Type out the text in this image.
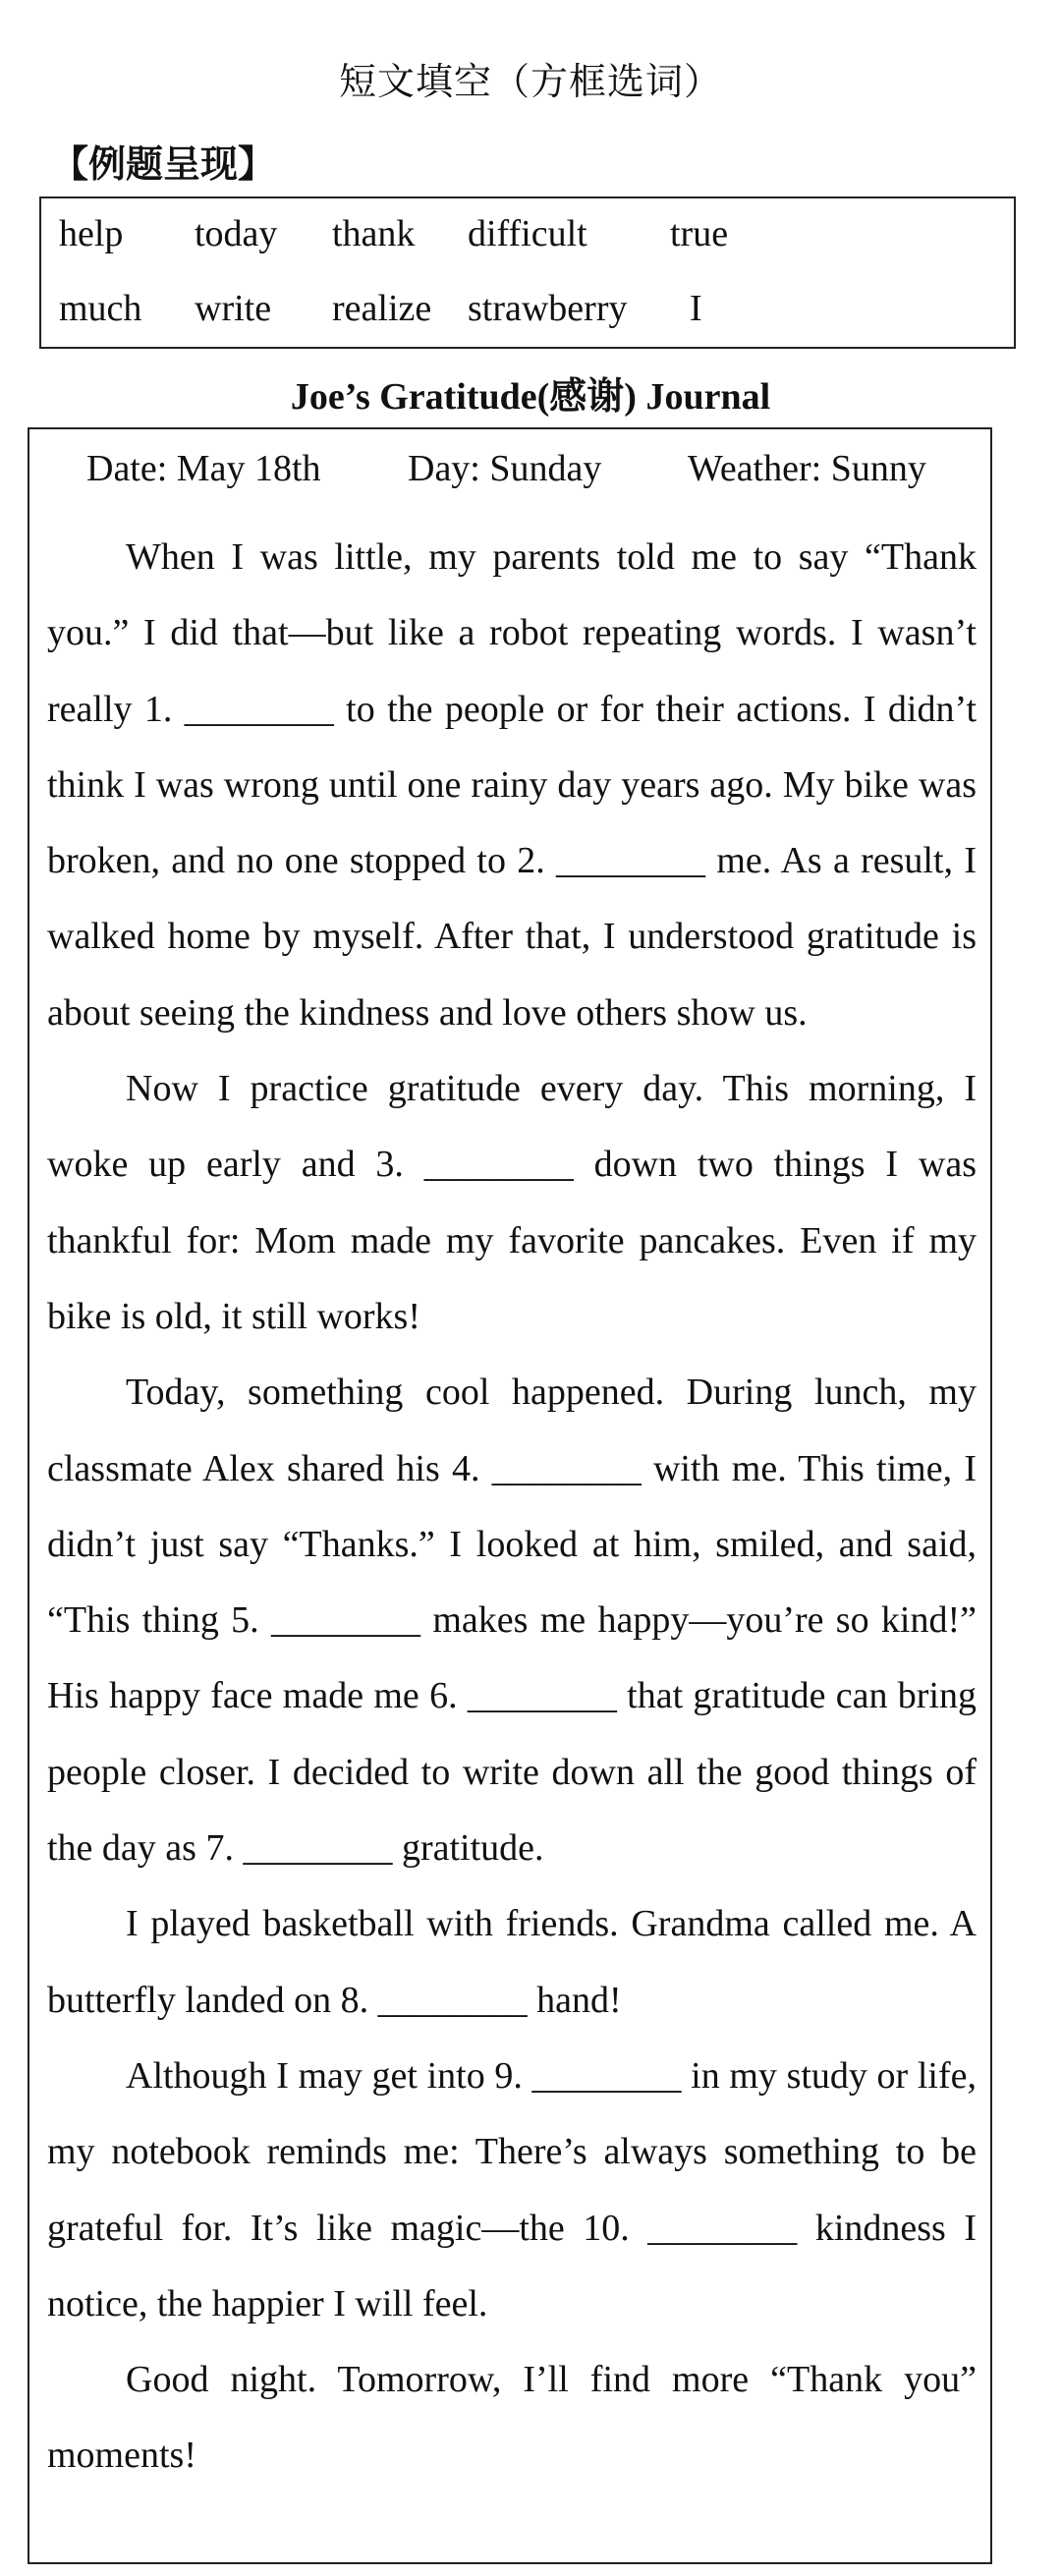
短文填空（方框选词）
【例题呈现】
help today thank difficult true
much write realize strawberry I
Joe’s Gratitude(感谢) Journal
Date: May 18th Day: Sunday Weather: Sunny

When I was little, my parents told me to say “Thank you.” I did that—but like a robot repeating words. I wasn’t really 1. ________ to the people or for their actions. I didn’t think I was wrong until one rainy day years ago. My bike was broken, and no one stopped to 2. ________ me. As a result, I walked home by myself. After that, I understood gratitude is about seeing the kindness and love others show us.

Now I practice gratitude every day. This morning, I woke up early and 3. ________ down two things I was thankful for: Mom made my favorite pancakes. Even if my bike is old, it still works!

Today, something cool happened. During lunch, my classmate Alex shared his 4. ________ with me. This time, I didn’t just say “Thanks.” I looked at him, smiled, and said, “This thing 5. ________ makes me happy—you’re so kind!” His happy face made me 6. ________ that gratitude can bring people closer. I decided to write down all the good things of the day as 7. ________ gratitude.

I played basketball with friends. Grandma called me. A butterfly landed on 8. ________ hand!

Although I may get into 9. ________ in my study or life, my notebook reminds me: There’s always something to be grateful for. It’s like magic—the 10. ________ kindness I notice, the happier I will feel.

Good night. Tomorrow, I’ll find more “Thank you” moments!
